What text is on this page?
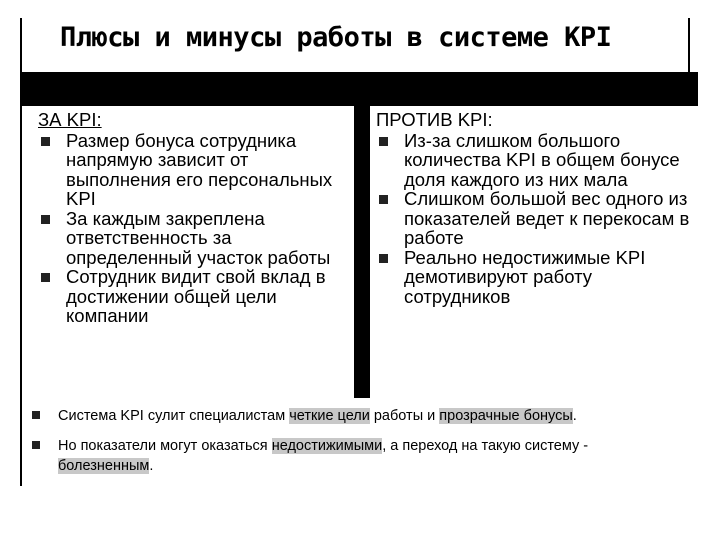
Плюсы и минусы работы в системе KPI
ЗА KPI:
Размер бонуса сотрудника напрямую зависит от выполнения его персональных KPI
За каждым закреплена ответственность за определенный участок работы
Сотрудник видит свой вклад в достижении общей цели компании
ПРОТИВ KPI:
Из-за слишком большого количества KPI в общем бонусе доля каждого из них мала
Слишком большой вес одного из показателей ведет к перекосам в работе
Реально недостижимые KPI демотивируют работу сотрудников
Система KPI сулит специалистам четкие цели работы и прозрачные бонусы.
Но показатели могут оказаться недостижимыми, а переход на такую систему - болезненным.
